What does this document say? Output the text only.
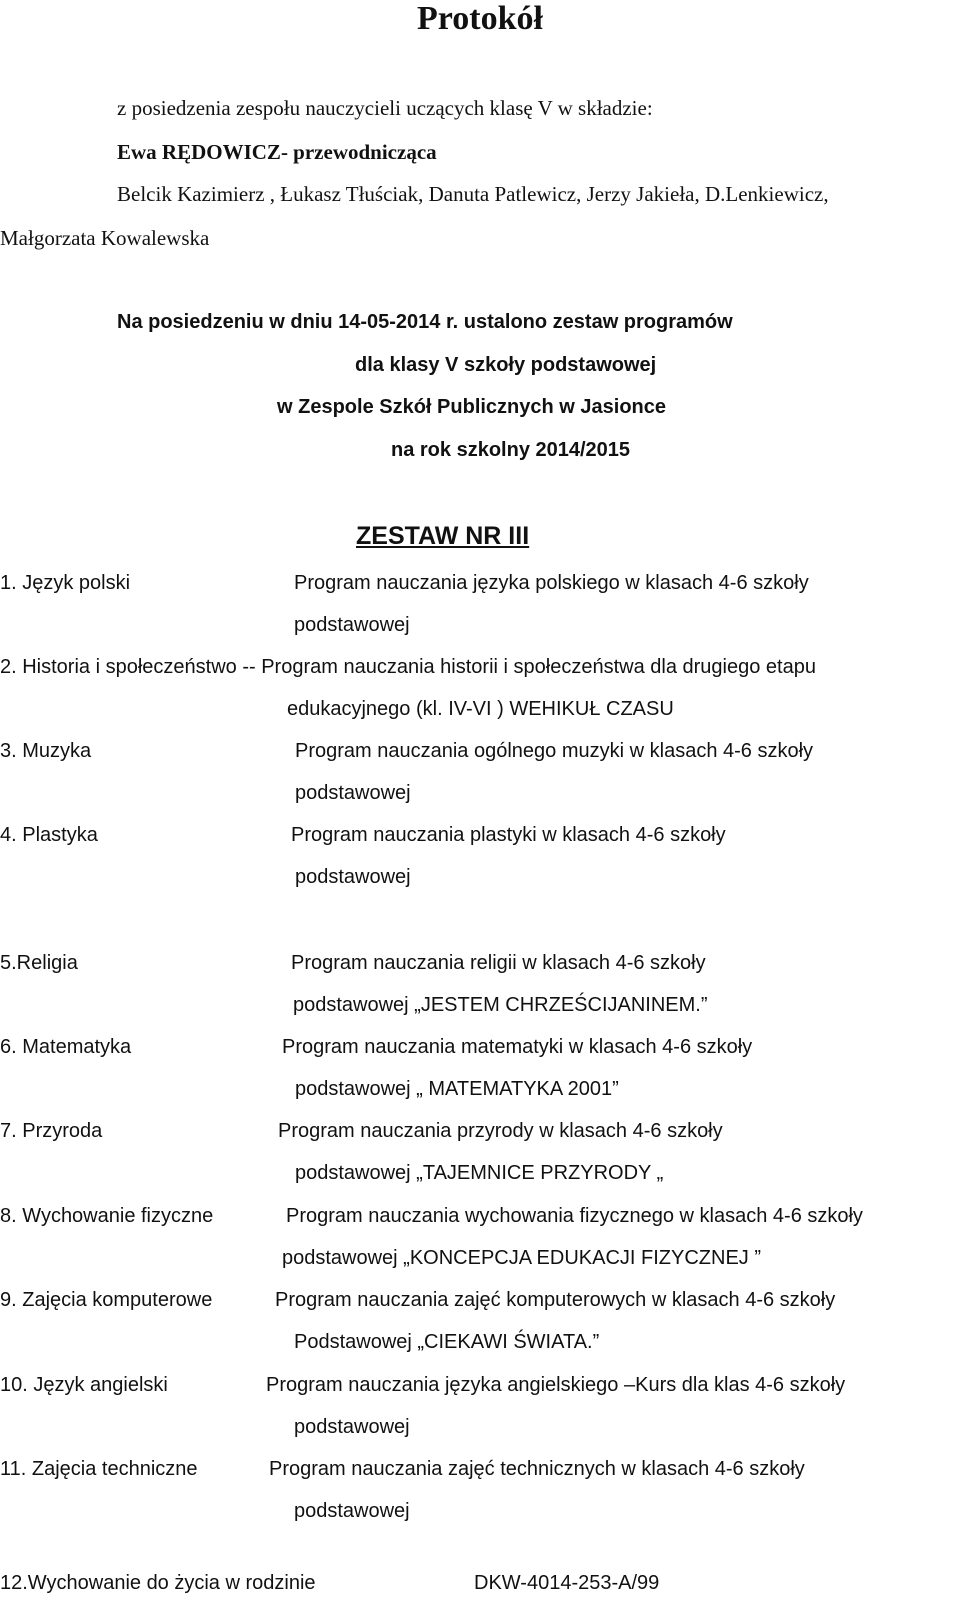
Protokół
z posiedzenia zespołu nauczycieli uczących klasę V w składzie:
Ewa RĘDOWICZ- przewodnicząca
Belcik Kazimierz , Łukasz Tłuściak, Danuta Patlewicz, Jerzy Jakieła, D.Lenkiewicz,
Małgorzata Kowalewska
Na posiedzeniu w dniu 14-05-2014 r. ustalono zestaw programów
dla klasy V szkoły podstawowej
w Zespole Szkół Publicznych w Jasionce
na rok szkolny 2014/2015
ZESTAW NR III
1. Język polski	Program nauczania języka polskiego w klasach 4-6 szkoły
podstawowej
2. Historia i społeczeństwo -- Program nauczania historii i społeczeństwa dla drugiego etapu
edukacyjnego (kl. IV-VI ) WEHIKUŁ CZASU
3. Muzyka	Program nauczania ogólnego muzyki w klasach 4-6 szkoły
podstawowej
4. Plastyka	Program nauczania plastyki w klasach 4-6 szkoły
podstawowej
5.Religia	Program nauczania religii w klasach 4-6 szkoły
podstawowej „JESTEM CHRZEŚCIJANINEM.”
6. Matematyka	Program nauczania matematyki w klasach 4-6 szkoły
podstawowej „ MATEMATYKA 2001”
7. Przyroda	Program nauczania przyrody w klasach 4-6 szkoły
podstawowej „TAJEMNICE PRZYRODY „
8. Wychowanie fizyczne	Program nauczania wychowania fizycznego w klasach 4-6 szkoły
podstawowej „KONCEPCJA EDUKACJI FIZYCZNEJ ”
9. Zajęcia komputerowe	Program nauczania zajęć komputerowych w klasach 4-6 szkoły
Podstawowej „CIEKAWI ŚWIATA.”
10. Język angielski	Program nauczania języka angielskiego –Kurs dla klas 4-6 szkoły
podstawowej
11. Zajęcia techniczne	Program nauczania zajęć technicznych w klasach 4-6 szkoły
podstawowej
12.Wychowanie do życia w rodzinie	DKW-4014-253-A/99
